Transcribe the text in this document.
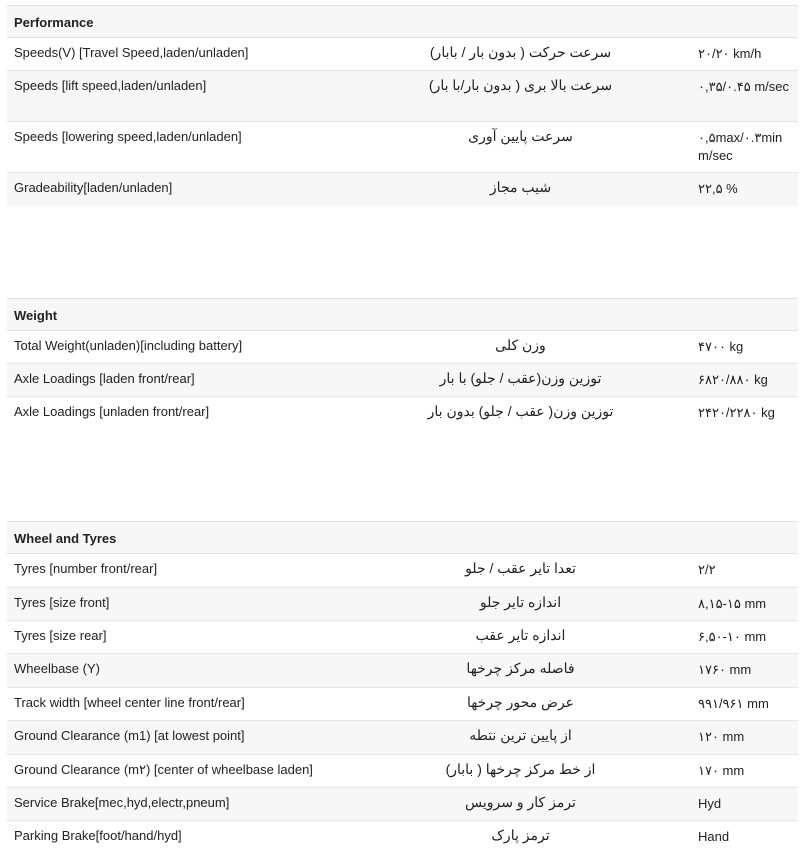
Performance
Speeds(V) [Travel Speed,laden/unladen]	سرعت حرکت ( بدون بار / بابار)	۲۰/۲۰ km/h
Speeds [lift speed,laden/unladen]	سرعت بالا بری ( بدون بار/با بار)	۰,۳۵/۰.۴۵ m/sec
Speeds [lowering speed,laden/unladen]	سرعت پایین آوری	۰,۵max/۰.۳min m/sec
Gradeability[laden/unladen]	شیب مجاز	۲۲,۵ %
Weight
Total Weight(unladen)[including battery]	وزن کلی	۴۷۰۰ kg
Axle Loadings [laden front/rear]	توزین وزن(عقب / جلو) با بار	۶۸۲۰/۸۸۰ kg
Axle Loadings [unladen front/rear]	توزین وزن( عقب / جلو) بدون بار	۲۴۲۰/۲۲۸۰ kg
Wheel and Tyres
Tyres [number front/rear]	تعدا تایر عقب / جلو	۲/۲
Tyres [size front]	اندازه تایر جلو	۸,۱۵-۱۵ mm
Tyres [size rear]	اندازه تایر عقب	۶,۵۰-۱۰ mm
Wheelbase (Y)	فاصله مرکز چرخها	۱۷۶۰ mm
Track width [wheel center line front/rear]	عرض محور چرخها	۹۹۱/۹۶۱ mm
Ground Clearance (m1) [at lowest point]	از پایین ترین نتطه	۱۲۰ mm
Ground Clearance (m۲) [center of wheelbase laden]	از خط مرکز چرخها ( بابار)	۱۷۰ mm
Service Brake[mec,hyd,electr,pneum]	ترمز کار و سرویس	Hyd
Parking Brake[foot/hand/hyd]	ترمز پارک	Hand
